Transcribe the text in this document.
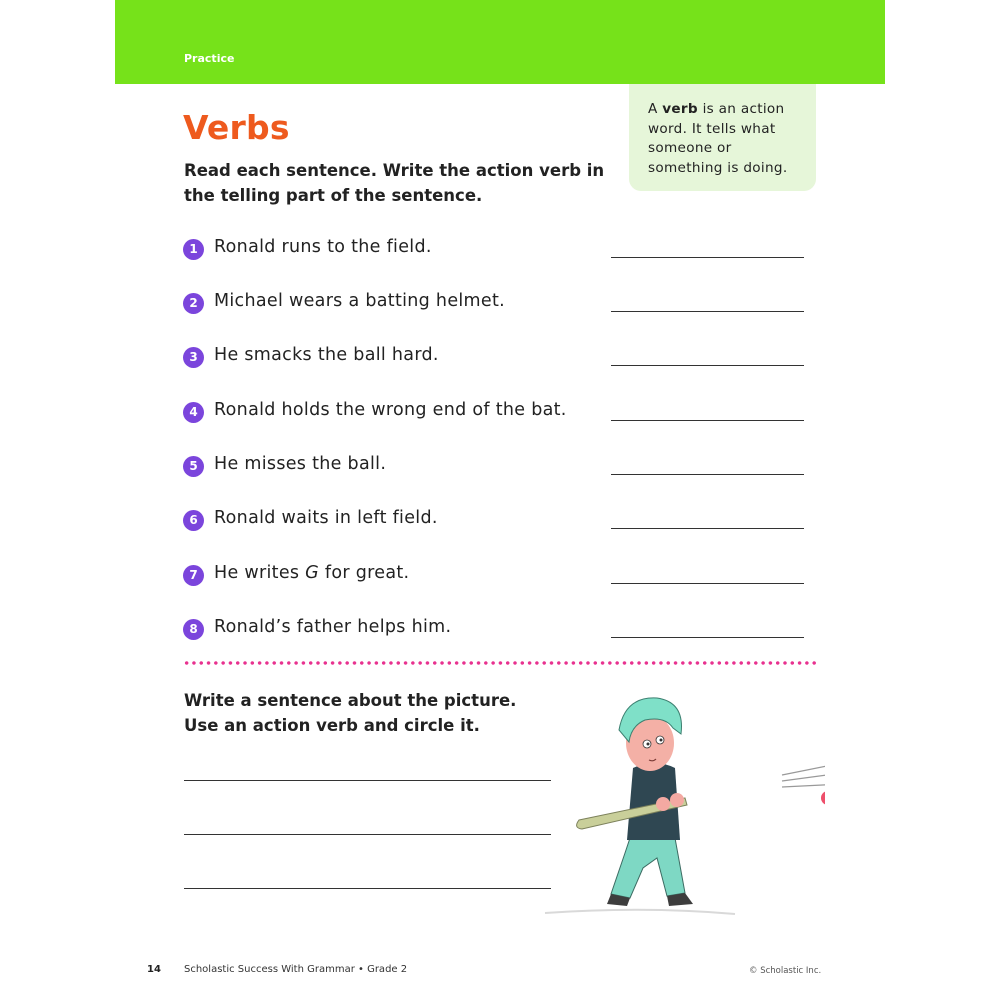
Practice
Verbs
Read each sentence. Write the action verb in the telling part of the sentence.
A verb is an action word. It tells what someone or something is doing.
1 Ronald runs to the field.
2 Michael wears a batting helmet.
3 He smacks the ball hard.
4 Ronald holds the wrong end of the bat.
5 He misses the ball.
6 Ronald waits in left field.
7 He writes G for great.
8 Ronald’s father helps him.
Write a sentence about the picture.
Use an action verb and circle it.
14 Scholastic Success With Grammar • Grade 2	© Scholastic Inc.
